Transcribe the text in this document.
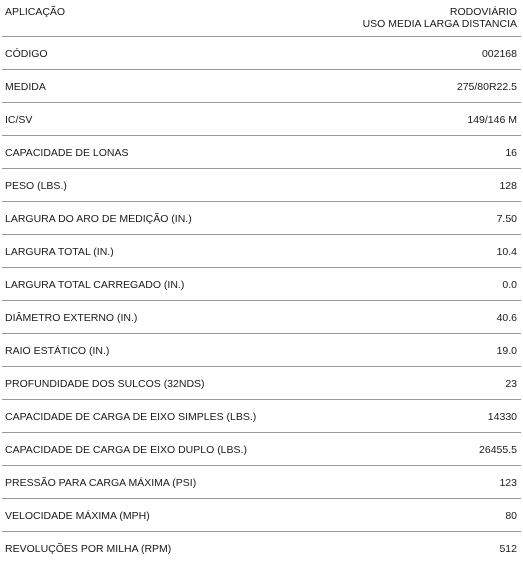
APLICAÇÃO	RODOVIÁRIO
USO MEDIA LARGA DISTANCIA
CÓDIGO	002168
MEDIDA	275/80R22.5
IC/SV	149/146 M
CAPACIDADE DE LONAS	16
PESO (LBS.)	128
LARGURA DO ARO DE MEDIÇÃO (IN.)	7.50
LARGURA TOTAL (IN.)	10.4
LARGURA TOTAL CARREGADO (IN.)	0.0
DIÂMETRO EXTERNO (IN.)	40.6
RAIO ESTÁTICO (IN.)	19.0
PROFUNDIDADE DOS SULCOS (32NDS)	23
CAPACIDADE DE CARGA DE EIXO SIMPLES (LBS.)	14330
CAPACIDADE DE CARGA DE EIXO DUPLO (LBS.)	26455.5
PRESSÃO PARA CARGA MÁXIMA (PSI)	123
VELOCIDADE MÁXIMA (MPH)	80
REVOLUÇÕES POR MILHA (RPM)	512
